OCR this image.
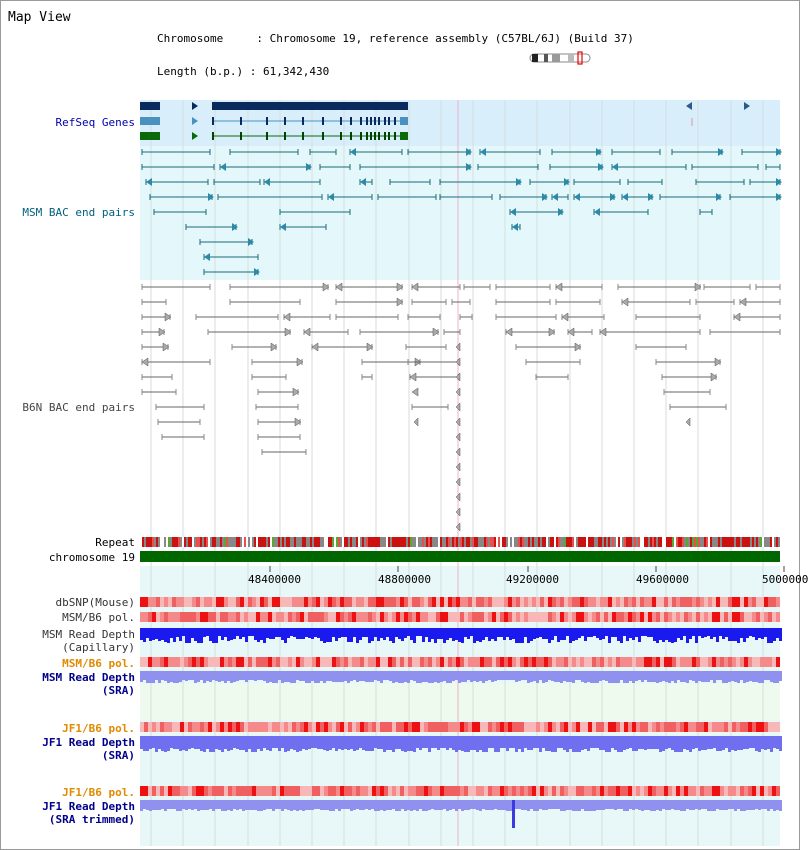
Map View

Chromosome     : Chromosome 19, reference assembly (C57BL/6J) (Build 37)

Length (b.p.) : 61,342,430

RefSeq Genes
MSM BAC end pairs
B6N BAC end pairs
Repeat
chromosome 19
48400000	48800000	49200000	49600000	5000000
dbSNP(Mouse)
MSM/B6 pol.
MSM Read Depth
(Capillary)
MSM/B6 pol.
MSM Read Depth
(SRA)
JF1/B6 pol.
JF1 Read Depth
(SRA)
JF1/B6 pol.
JF1 Read Depth
(SRA trimmed)
